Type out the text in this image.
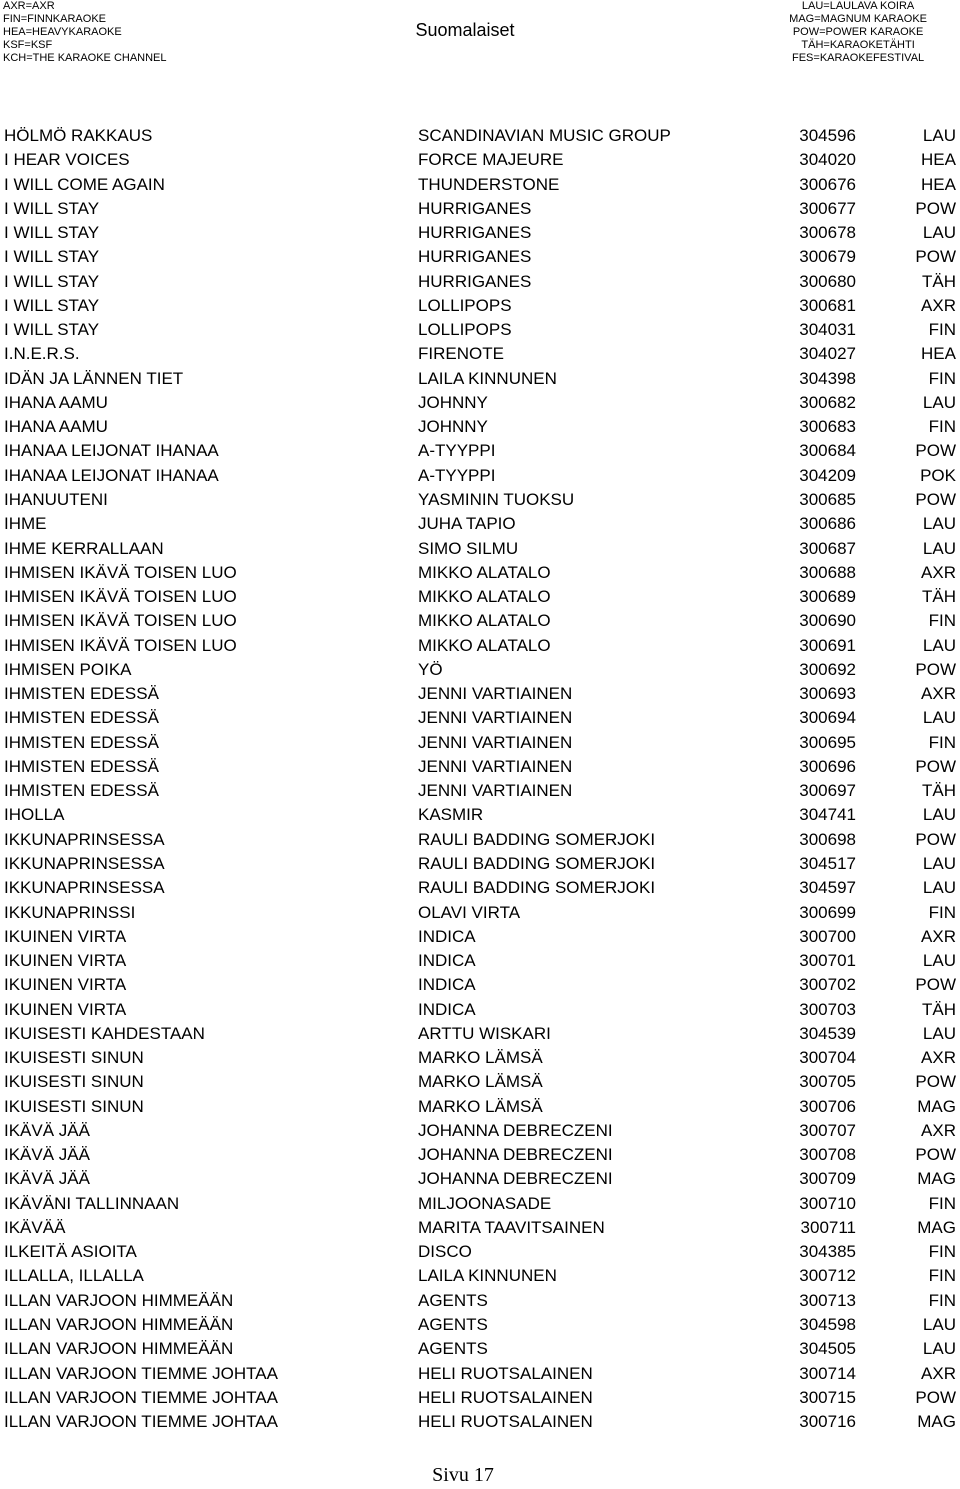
AXR=AXR
FIN=FINNKARAOKE
HEA=HEAVYKARAOKE
KSF=KSF
KCH=THE KARAOKE CHANNEL
Suomalaiset
LAU=LAULAVA KOIRA
MAG=MAGNUM KARAOKE
POW=POWER KARAOKE
TÄH=KARAOKETÄHTI
FES=KARAOKEFESTIVAL
HÖLMÖ RAKKAUS	SCANDINAVIAN MUSIC GROUP	304596	LAU
I HEAR VOICES	FORCE MAJEURE	304020	HEA
I WILL COME AGAIN	THUNDERSTONE	300676	HEA
I WILL STAY	HURRIGANES	300677	POW
I WILL STAY	HURRIGANES	300678	LAU
I WILL STAY	HURRIGANES	300679	POW
I WILL STAY	HURRIGANES	300680	TÄH
I WILL STAY	LOLLIPOPS	300681	AXR
I WILL STAY	LOLLIPOPS	304031	FIN
I.N.E.R.S.	FIRENOTE	304027	HEA
IDÄN JA LÄNNEN TIET	LAILA KINNUNEN	304398	FIN
IHANA AAMU	JOHNNY	300682	LAU
IHANA AAMU	JOHNNY	300683	FIN
IHANAA LEIJONAT IHANAA	A-TYYPPI	300684	POW
IHANAA LEIJONAT IHANAA	A-TYYPPI	304209	POK
IHANUUTENI	YASMININ TUOKSU	300685	POW
IHME	JUHA TAPIO	300686	LAU
IHME KERRALLAAN	SIMO SILMU	300687	LAU
IHMISEN IKÄVÄ TOISEN LUO	MIKKO ALATALO	300688	AXR
IHMISEN IKÄVÄ TOISEN LUO	MIKKO ALATALO	300689	TÄH
IHMISEN IKÄVÄ TOISEN LUO	MIKKO ALATALO	300690	FIN
IHMISEN IKÄVÄ TOISEN LUO	MIKKO ALATALO	300691	LAU
IHMISEN POIKA	YÖ	300692	POW
IHMISTEN EDESSÄ	JENNI VARTIAINEN	300693	AXR
IHMISTEN EDESSÄ	JENNI VARTIAINEN	300694	LAU
IHMISTEN EDESSÄ	JENNI VARTIAINEN	300695	FIN
IHMISTEN EDESSÄ	JENNI VARTIAINEN	300696	POW
IHMISTEN EDESSÄ	JENNI VARTIAINEN	300697	TÄH
IHOLLA	KASMIR	304741	LAU
IKKUNAPRINSESSA	RAULI BADDING SOMERJOKI	300698	POW
IKKUNAPRINSESSA	RAULI BADDING SOMERJOKI	304517	LAU
IKKUNAPRINSESSA	RAULI BADDING SOMERJOKI	304597	LAU
IKKUNAPRINSSI	OLAVI VIRTA	300699	FIN
IKUINEN VIRTA	INDICA	300700	AXR
IKUINEN VIRTA	INDICA	300701	LAU
IKUINEN VIRTA	INDICA	300702	POW
IKUINEN VIRTA	INDICA	300703	TÄH
IKUISESTI KAHDESTAAN	ARTTU WISKARI	304539	LAU
IKUISESTI SINUN	MARKO LÄMSÄ	300704	AXR
IKUISESTI SINUN	MARKO LÄMSÄ	300705	POW
IKUISESTI SINUN	MARKO LÄMSÄ	300706	MAG
IKÄVÄ JÄÄ	JOHANNA DEBRECZENI	300707	AXR
IKÄVÄ JÄÄ	JOHANNA DEBRECZENI	300708	POW
IKÄVÄ JÄÄ	JOHANNA DEBRECZENI	300709	MAG
IKÄVÄNI TALLINNAAN	MILJOONASADE	300710	FIN
IKÄVÄÄ	MARITA TAAVITSAINEN	300711	MAG
ILKEITÄ ASIOITA	DISCO	304385	FIN
ILLALLA, ILLALLA	LAILA KINNUNEN	300712	FIN
ILLAN VARJOON HIMMEÄÄN	AGENTS	300713	FIN
ILLAN VARJOON HIMMEÄÄN	AGENTS	304598	LAU
ILLAN VARJOON HIMMEÄÄN	AGENTS	304505	LAU
ILLAN VARJOON TIEMME JOHTAA	HELI RUOTSALAINEN	300714	AXR
ILLAN VARJOON TIEMME JOHTAA	HELI RUOTSALAINEN	300715	POW
ILLAN VARJOON TIEMME JOHTAA	HELI RUOTSALAINEN	300716	MAG
Sivu 17
